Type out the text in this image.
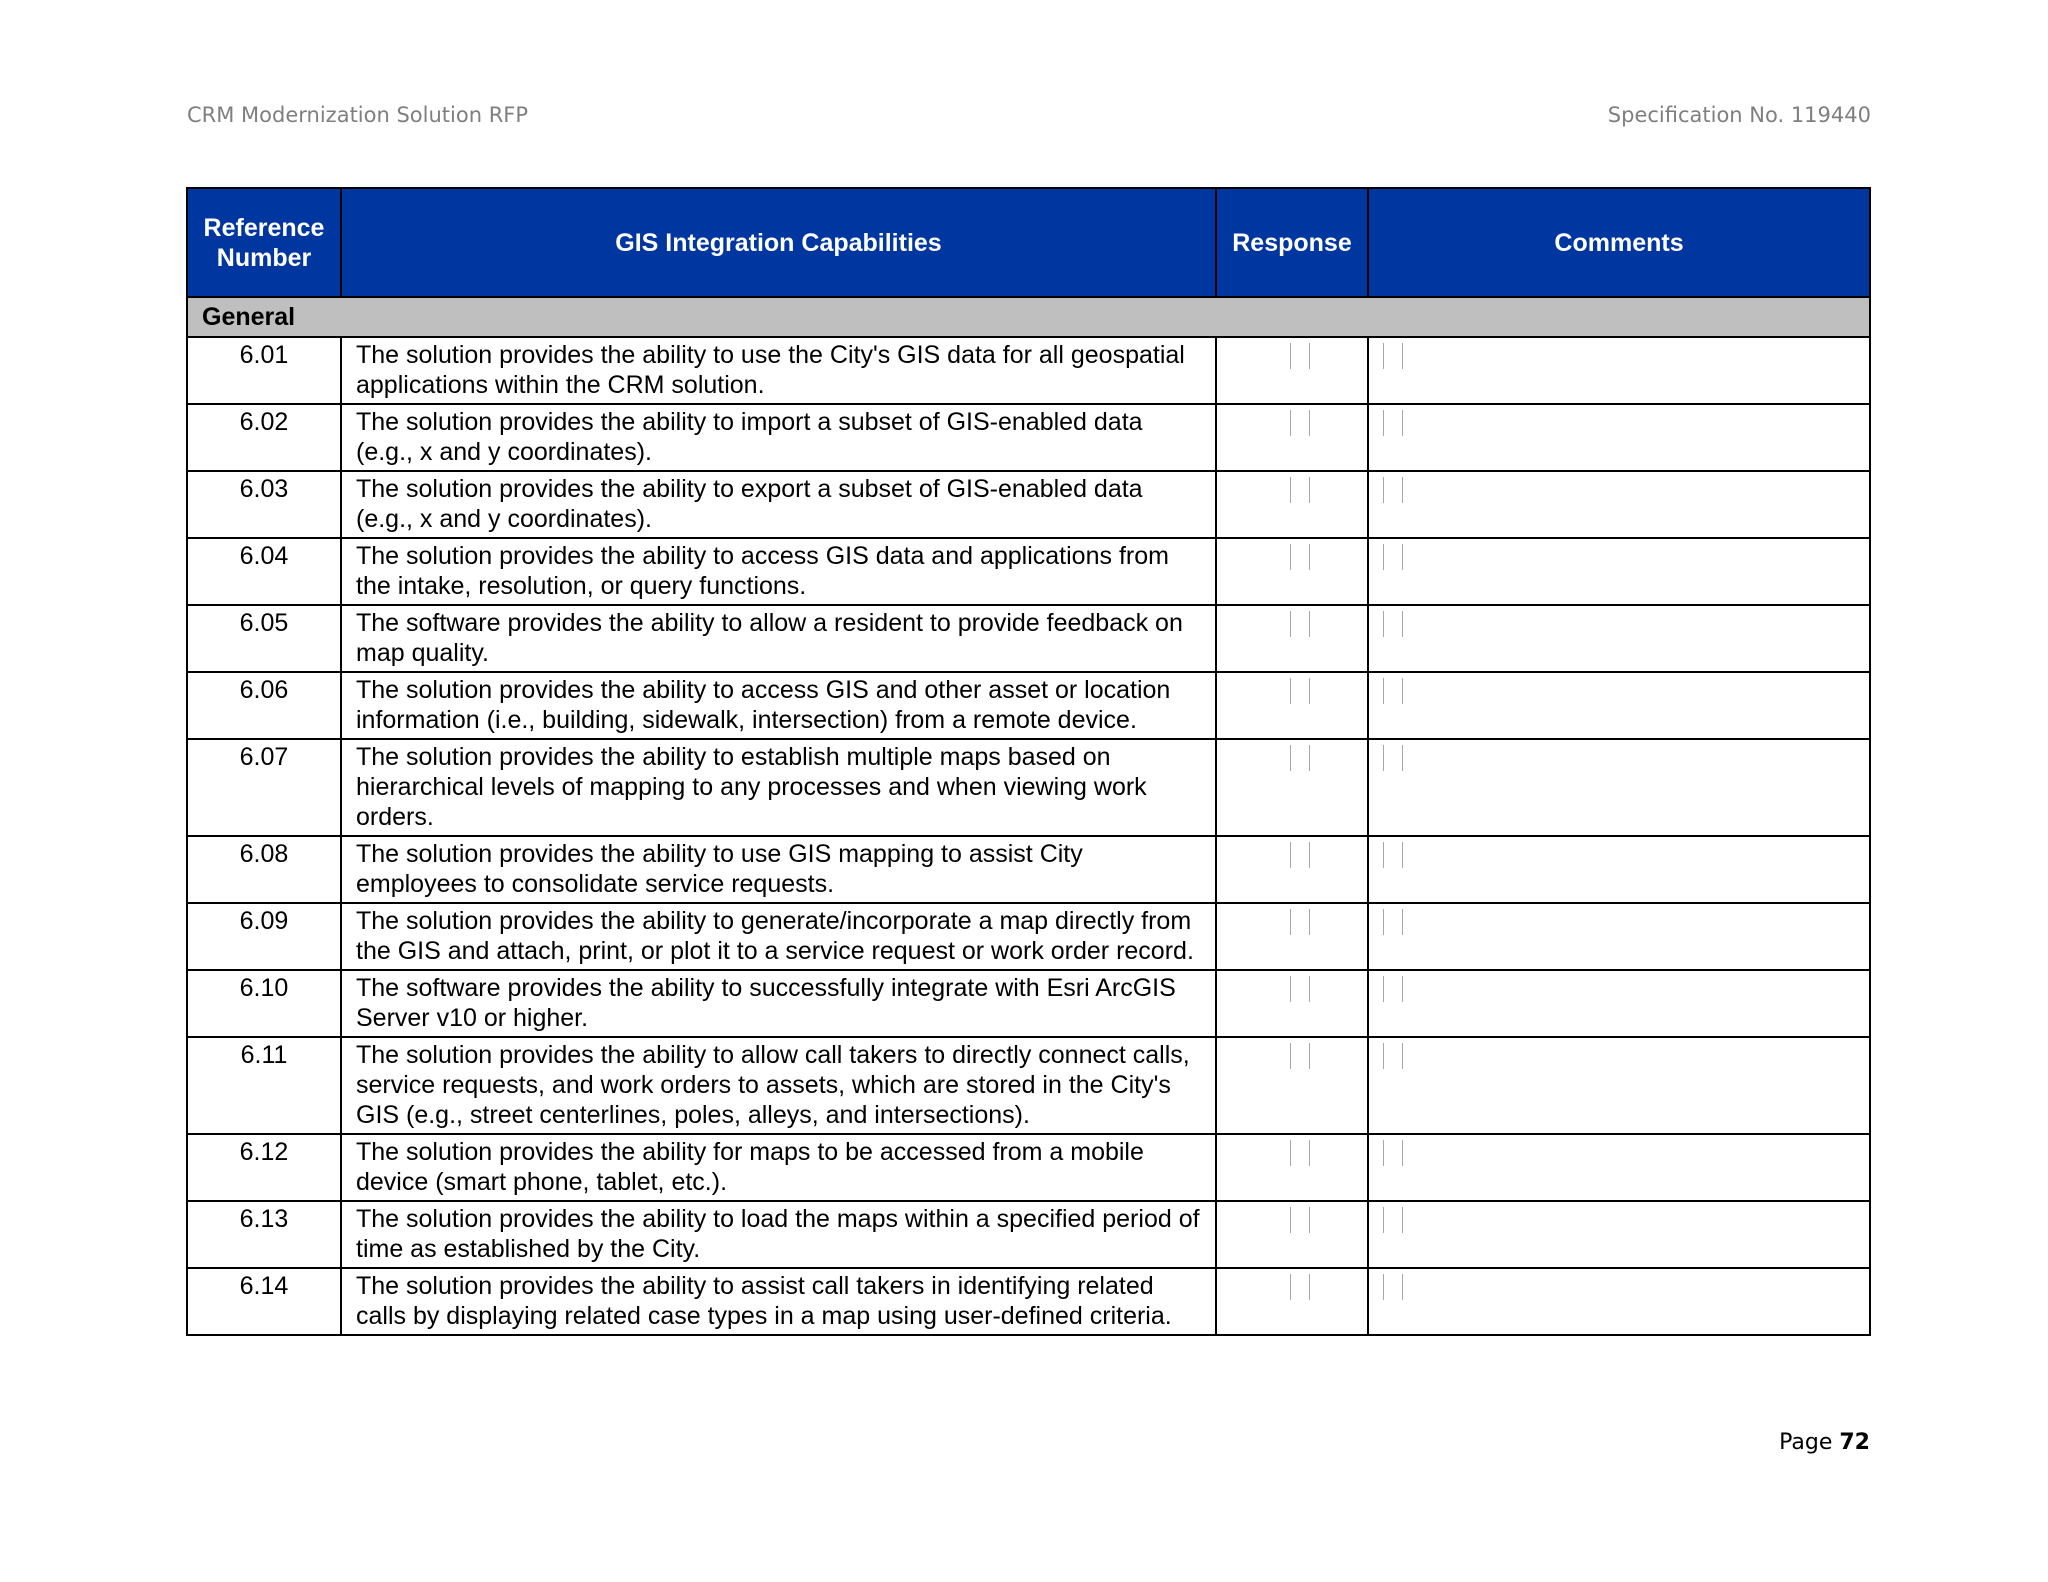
CRM Modernization Solution RFP	Specification No. 119440
Reference Number	GIS Integration Capabilities	Response	Comments
General			
6.01	The solution provides the ability to use the City's GIS data for all geospatial applications within the CRM solution.		
6.02	The solution provides the ability to import a subset of GIS-enabled data (e.g., x and y coordinates).		
6.03	The solution provides the ability to export a subset of GIS-enabled data (e.g., x and y coordinates).		
6.04	The solution provides the ability to access GIS data and applications from the intake, resolution, or query functions.		
6.05	The software provides the ability to allow a resident to provide feedback on map quality.		
6.06	The solution provides the ability to access GIS and other asset or location information (i.e., building, sidewalk, intersection) from a remote device.		
6.07	The solution provides the ability to establish multiple maps based on hierarchical levels of mapping to any processes and when viewing work orders.		
6.08	The solution provides the ability to use GIS mapping to assist City employees to consolidate service requests.		
6.09	The solution provides the ability to generate/incorporate a map directly from the GIS and attach, print, or plot it to a service request or work order record.		
6.10	The software provides the ability to successfully integrate with Esri ArcGIS Server v10 or higher.		
6.11	The solution provides the ability to allow call takers to directly connect calls, service requests, and work orders to assets, which are stored in the City's GIS (e.g., street centerlines, poles, alleys, and intersections).		
6.12	The solution provides the ability for maps to be accessed from a mobile device (smart phone, tablet, etc.).		
6.13	The solution provides the ability to load the maps within a specified period of time as established by the City.		
6.14	The solution provides the ability to assist call takers in identifying related calls by displaying related case types in a map using user-defined criteria.		
Page 72
